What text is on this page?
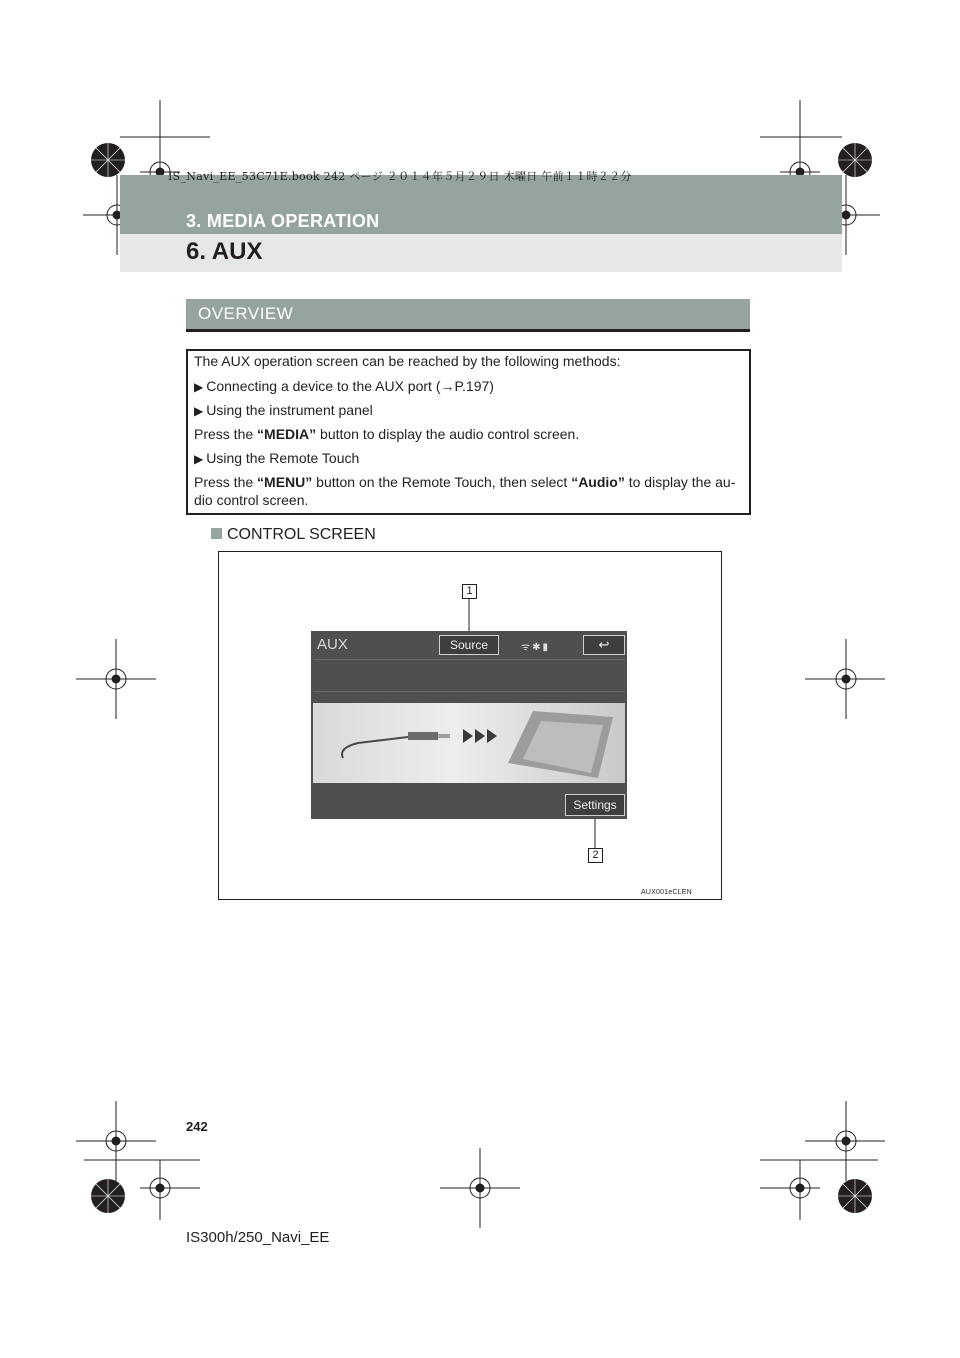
IS_Navi_EE_53C71E.book 242 ページ ２０１４年５月２９日 木曜日 午前１１時２２分
3. MEDIA OPERATION
6. AUX
OVERVIEW
The AUX operation screen can be reached by the following methods:
▶ Connecting a device to the AUX port (→P.197)
▶ Using the instrument panel
Press the “MEDIA” button to display the audio control screen.
▶ Using the Remote Touch
Press the “MENU” button on the Remote Touch, then select “Audio” to display the au-
dio control screen.
CONTROL SCREEN
1
2
AUX	Source	ᯤ✱▮	↩
Settings
AUX001eCLEN
242
IS300h/250_Navi_EE
